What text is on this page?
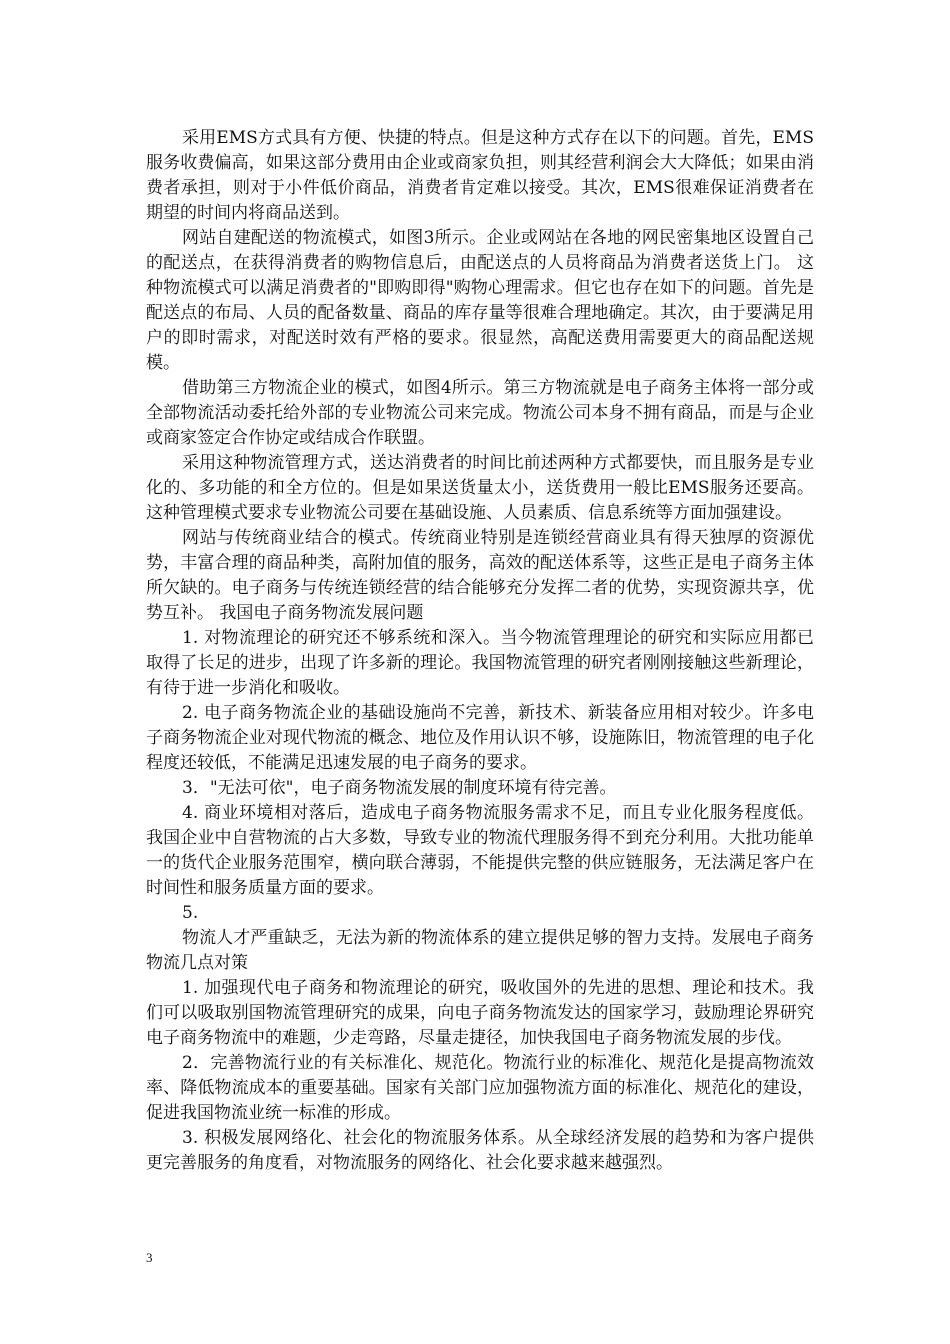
采用EMS方式具有方便、快捷的特点。但是这种方式存在以下的问题。首先，EMS服务收费偏高，如果这部分费用由企业或商家负担，则其经营利润会大大降低；如果由消费者承担，则对于小件低价商品，消费者肯定难以接受。其次，EMS很难保证消费者在期望的时间内将商品送到。

网站自建配送的物流模式，如图3所示。企业或网站在各地的网民密集地区设置自己的配送点，在获得消费者的购物信息后，由配送点的人员将商品为消费者送货上门。 这种物流模式可以满足消费者的"即购即得"购物心理需求。但它也存在如下的问题。首先是配送点的布局、人员的配备数量、商品的库存量等很难合理地确定。其次，由于要满足用户的即时需求，对配送时效有严格的要求。很显然，高配送费用需要更大的商品配送规模。

借助第三方物流企业的模式，如图4所示。第三方物流就是电子商务主体将一部分或全部物流活动委托给外部的专业物流公司来完成。物流公司本身不拥有商品，而是与企业或商家签定合作协定或结成合作联盟。

采用这种物流管理方式，送达消费者的时间比前述两种方式都要快，而且服务是专业化的、多功能的和全方位的。但是如果送货量太小，送货费用一般比EMS服务还要高。这种管理模式要求专业物流公司要在基础设施、人员素质、信息系统等方面加强建设。

网站与传统商业结合的模式。传统商业特别是连锁经营商业具有得天独厚的资源优势，丰富合理的商品种类，高附加值的服务，高效的配送体系等，这些正是电子商务主体所欠缺的。电子商务与传统连锁经营的结合能够充分发挥二者的优势，实现资源共享，优势互补。 我国电子商务物流发展问题

1. 对物流理论的研究还不够系统和深入。当今物流管理理论的研究和实际应用都已取得了长足的进步，出现了许多新的理论。我国物流管理的研究者刚刚接触这些新理论，有待于进一步消化和吸收。

2. 电子商务物流企业的基础设施尚不完善，新技术、新装备应用相对较少。许多电子商务物流企业对现代物流的概念、地位及作用认识不够，设施陈旧，物流管理的电子化程度还较低，不能满足迅速发展的电子商务的要求。

3．"无法可依"，电子商务物流发展的制度环境有待完善。

4. 商业环境相对落后，造成电子商务物流服务需求不足，而且专业化服务程度低。我国企业中自营物流的占大多数，导致专业的物流代理服务得不到充分利用。大批功能单一的货代企业服务范围窄，横向联合薄弱，不能提供完整的供应链服务，无法满足客户在时间性和服务质量方面的要求。

5.

物流人才严重缺乏，无法为新的物流体系的建立提供足够的智力支持。发展电子商务物流几点对策

1. 加强现代电子商务和物流理论的研究，吸收国外的先进的思想、理论和技术。我们可以吸取别国物流管理研究的成果，向电子商务物流发达的国家学习，鼓励理论界研究电子商务物流中的难题，少走弯路，尽量走捷径，加快我国电子商务物流发展的步伐。

2．完善物流行业的有关标准化、规范化。物流行业的标准化、规范化是提高物流效率、降低物流成本的重要基础。国家有关部门应加强物流方面的标准化、规范化的建设，促进我国物流业统一标准的形成。

3. 积极发展网络化、社会化的物流服务体系。从全球经济发展的趋势和为客户提供更完善服务的角度看，对物流服务的网络化、社会化要求越来越强烈。

3
